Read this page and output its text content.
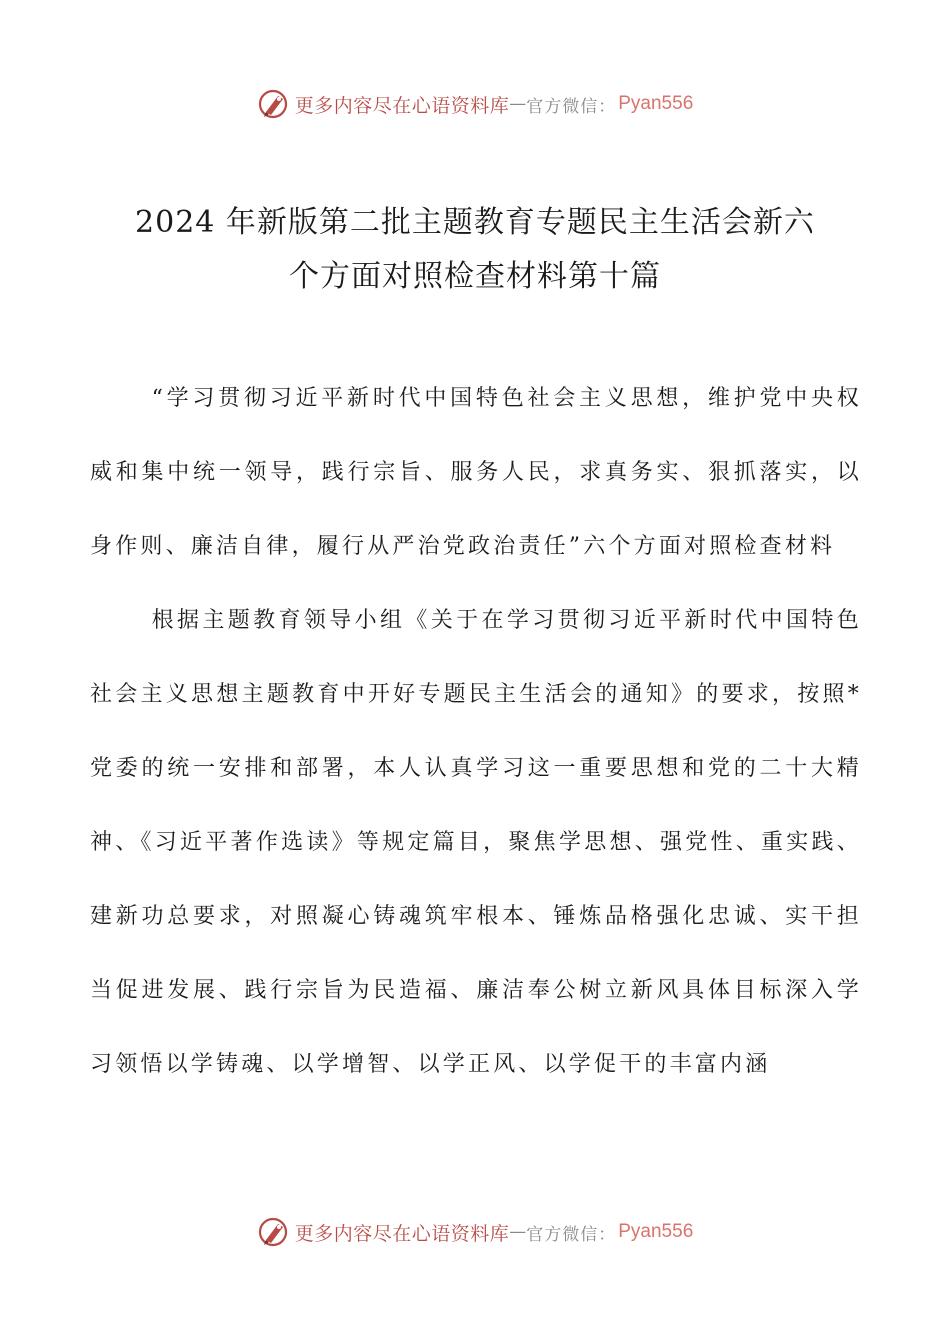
更多内容尽在心语资料库 — 官方微信： Pyan556
2024 年新版第二批主题教育专题民主生活会新六
个方面对照检查材料第十篇

“学习贯彻习近平新时代中国特色社会主义思想，维护党中央权威和集中统一领导，践行宗旨、服务人民，求真务实、狠抓落实，以身作则、廉洁自律，履行从严治党政治责任”六个方面对照检查材料

根据主题教育领导小组《关于在学习贯彻习近平新时代中国特色社会主义思想主题教育中开好专题民主生活会的通知》的要求，按照*党委的统一安排和部署，本人认真学习这一重要思想和党的二十大精神、《习近平著作选读》等规定篇目，聚焦学思想、强党性、重实践、建新功总要求，对照凝心铸魂筑牢根本、锤炼品格强化忠诚、实干担当促进发展、践行宗旨为民造福、廉洁奉公树立新风具体目标深入学习领悟以学铸魂、以学增智、以学正风、以学促干的丰富内涵

更多内容尽在心语资料库 — 官方微信： Pyan556
